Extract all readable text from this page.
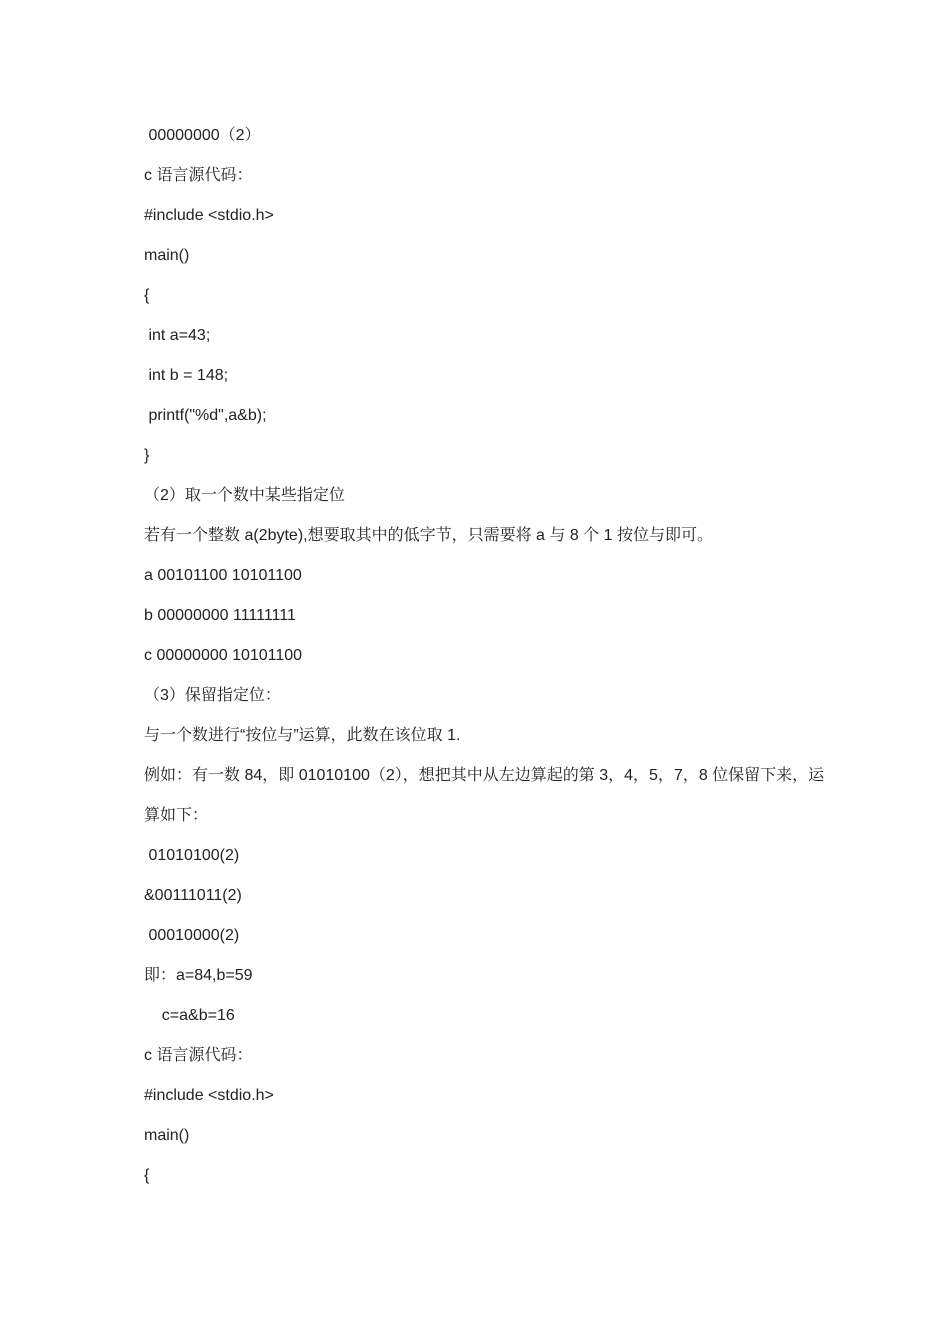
00000000（2）

c 语言源代码：

#include <stdio.h>

main()

{

int a=43;

int b = 148;

printf("%d",a&b);

}

（2）取一个数中某些指定位

若有一个整数 a(2byte),想要取其中的低字节，只需要将 a 与 8 个 1 按位与即可。

a 00101100 10101100

b 00000000 11111111

c 00000000 10101100

（3）保留指定位：

与一个数进行“按位与”运算，此数在该位取 1.

例如：有一数 84，即 01010100（2），想把其中从左边算起的第 3，4，5，7，8 位保留下来，运

算如下：

01010100(2)

&00111011(2)

00010000(2)

即：a=84,b=59

c=a&b=16

c 语言源代码：

#include <stdio.h>

main()

{
